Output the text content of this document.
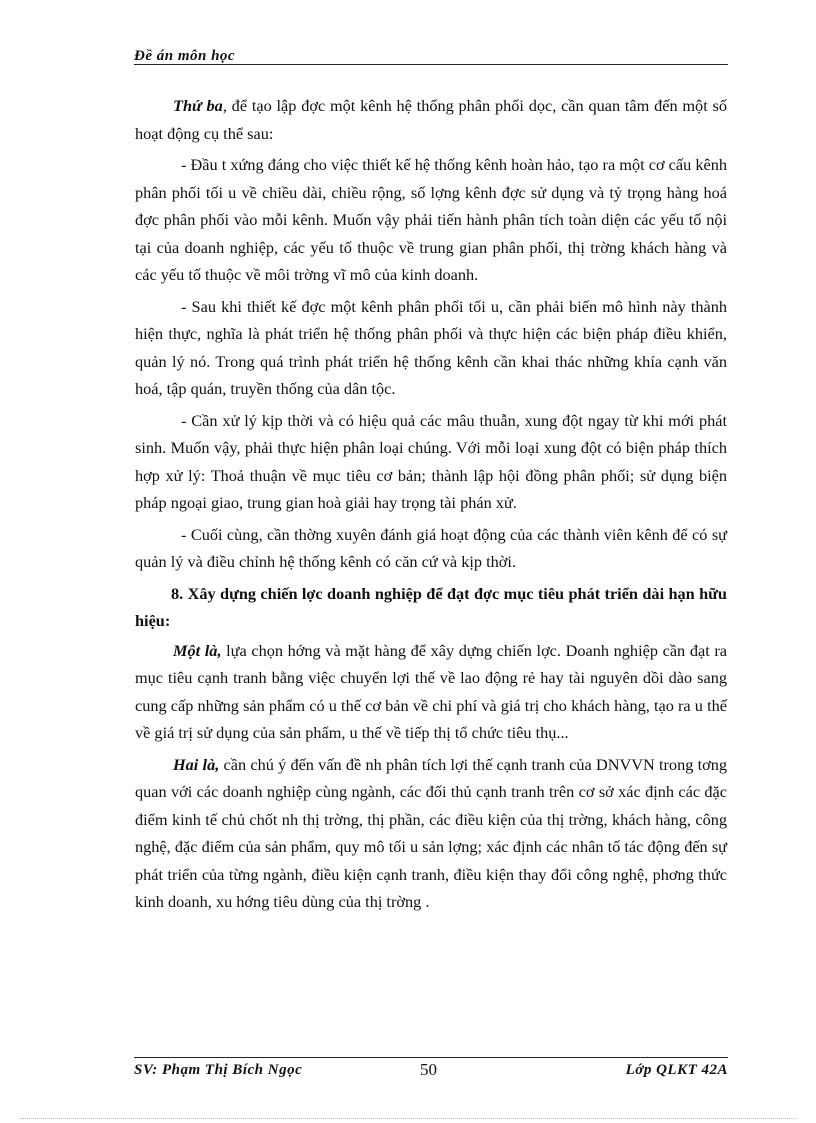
Đề án môn học

Thứ ba, để tạo lập đợc một kênh hệ thống phân phối dọc, cần quan tâm đến một số hoạt động cụ thể sau:

- Đầu t xứng đáng cho việc thiết kế hệ thống kênh hoàn hảo, tạo ra một cơ cấu kênh phân phối tối u về chiều dài, chiều rộng, số lợng kênh đợc sử dụng và tỷ trọng hàng hoá đợc phân phối vào mỗi kênh. Muốn vậy phải tiến hành phân tích toàn diện các yếu tố nội tại của doanh nghiệp, các yếu tố thuộc về trung gian phân phối, thị trờng khách hàng và các yếu tố thuộc về môi trờng vĩ mô của kinh doanh.

- Sau khi thiết kế đợc một kênh phân phối tối u, cần phải biến mô hình này thành hiện thực, nghĩa là phát triển hệ thống phân phối và thực hiện các biện pháp điều khiển, quản lý nó. Trong quá trình phát triển hệ thống kênh cần khai thác những khía cạnh văn hoá, tập quán, truyền thống của dân tộc.

- Cần xử lý kịp thời và có hiệu quả các mâu thuẫn, xung đột ngay từ khi mới phát sinh. Muốn vậy, phải thực hiện phân loại chúng. Với mỗi loại xung đột có biện pháp thích hợp xử lý: Thoả thuận về mục tiêu cơ bản; thành lập hội đồng phân phối; sử dụng biện pháp ngoại giao, trung gian hoà giải hay trọng tài phán xử.

- Cuối cùng, cần thờng xuyên đánh giá hoạt động của các thành viên kênh để có sự quản lý và điều chỉnh hệ thống kênh có căn cứ và kịp thời.

8. Xây dựng chiến lợc doanh nghiệp để đạt đợc mục tiêu phát triển dài hạn hữu hiệu:

Một là, lựa chọn hớng và mặt hàng để xây dựng chiến lợc. Doanh nghiệp cần đạt ra mục tiêu cạnh tranh bằng việc chuyển lợi thế về lao động rẻ hay tài nguyên dồi dào sang cung cấp những sản phẩm có u thế cơ bản về chi phí và giá trị cho khách hàng, tạo ra u thế về giá trị sử dụng của sản phẩm, u thế về tiếp thị tổ chức tiêu thụ...

Hai là, cần chú ý đến vấn đề nh phân tích lợi thế cạnh tranh của DNVVN trong tơng quan với các doanh nghiệp cùng ngành, các đối thủ cạnh tranh trên cơ sở xác định các đặc điểm kinh tế chủ chốt nh thị trờng, thị phần, các điều kiện của thị trờng, khách hàng, công nghệ, đặc điểm của sản phẩm, quy mô tối u sản lợng; xác định các nhân tố tác động đến sự phát triển của từng ngành, điều kiện cạnh tranh, điều kiện thay đổi công nghệ, phơng thức kinh doanh, xu hớng tiêu dùng của thị trờng .

SV: Phạm Thị Bích Ngọc	50	Lớp QLKT 42A
